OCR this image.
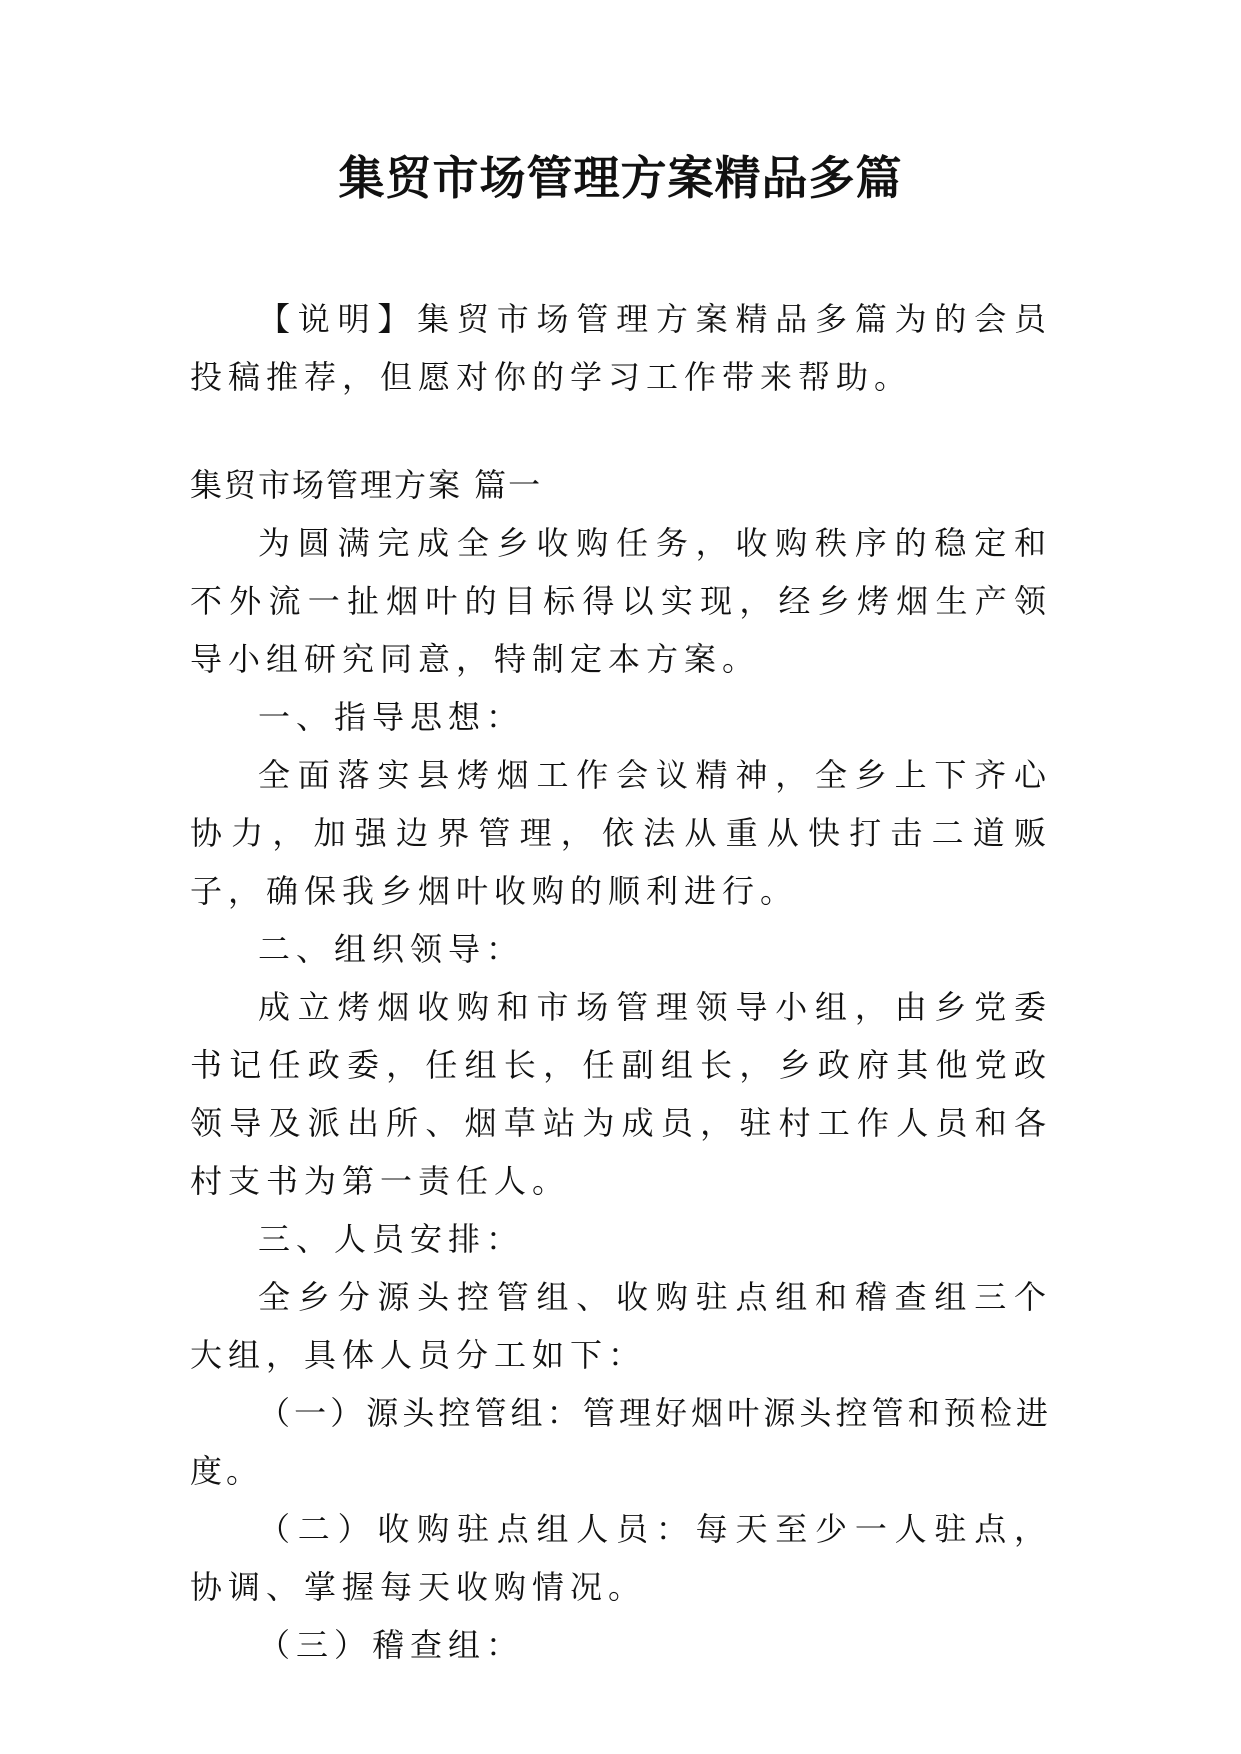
集贸市场管理方案精品多篇

【说明】集贸市场管理方案精品多篇为的会员投稿推荐，但愿对你的学习工作带来帮助。

集贸市场管理方案 篇一

为圆满完成全乡收购任务，收购秩序的稳定和不外流一扯烟叶的目标得以实现，经乡烤烟生产领导小组研究同意，特制定本方案。

一、指导思想：

全面落实县烤烟工作会议精神，全乡上下齐心协力，加强边界管理，依法从重从快打击二道贩子，确保我乡烟叶收购的顺利进行。

二、组织领导：

成立烤烟收购和市场管理领导小组，由乡党委书记任政委，任组长，任副组长，乡政府其他党政领导及派出所、烟草站为成员，驻村工作人员和各村支书为第一责任人。

三、人员安排：

全乡分源头控管组、收购驻点组和稽查组三个大组，具体人员分工如下：

（一）源头控管组：管理好烟叶源头控管和预检进度。

（二）收购驻点组人员：每天至少一人驻点，协调、掌握每天收购情况。

（三）稽查组：
